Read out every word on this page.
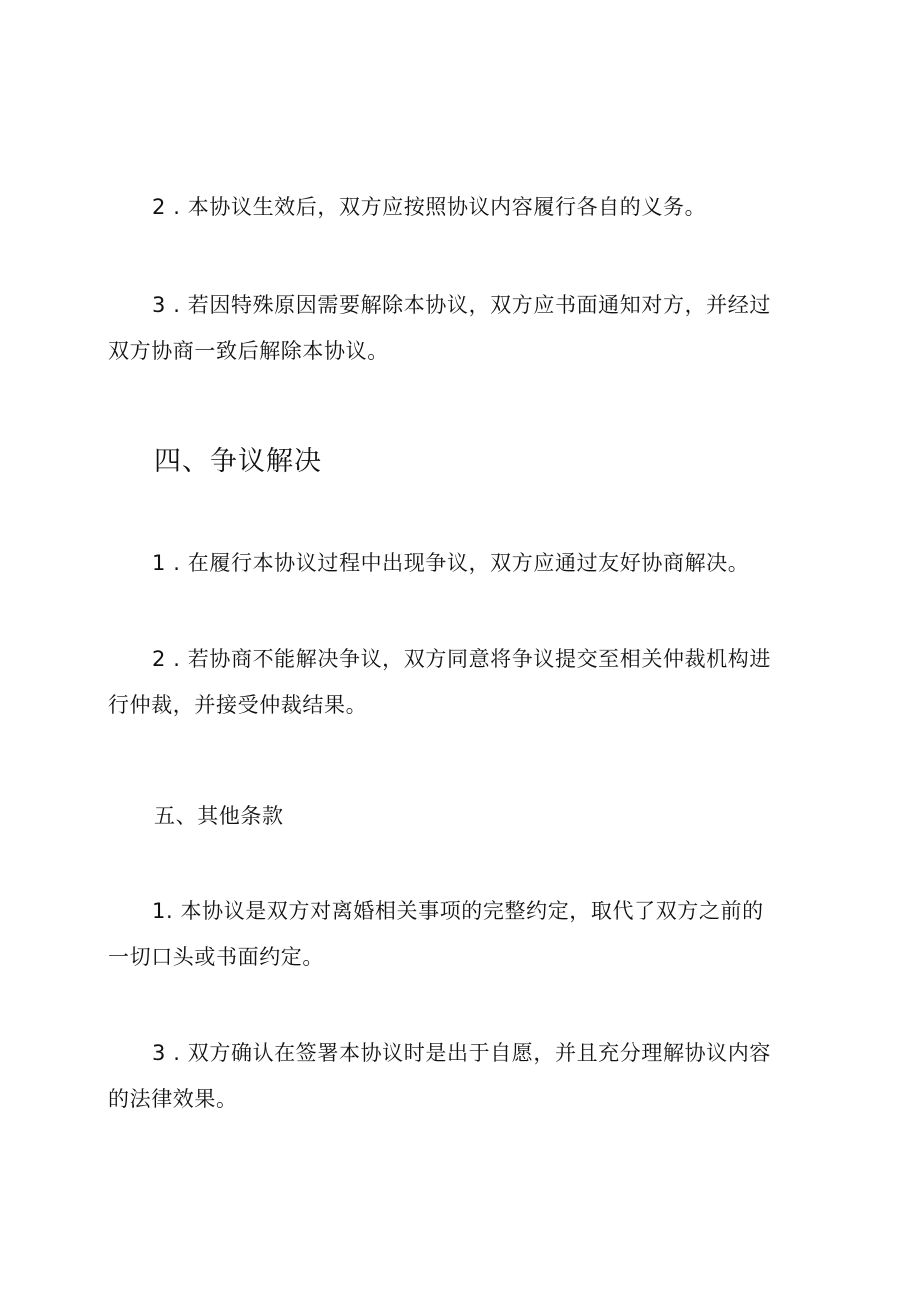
2 . 本协议生效后，双方应按照协议内容履行各自的义务。

3 . 若因特殊原因需要解除本协议，双方应书面通知对方，并经过
双方协商一致后解除本协议。

四、争议解决

1 . 在履行本协议过程中出现争议，双方应通过友好协商解决。

2 . 若协商不能解决争议，双方同意将争议提交至相关仲裁机构进
行仲裁，并接受仲裁结果。

五、其他条款

1. 本协议是双方对离婚相关事项的完整约定，取代了双方之前的
一切口头或书面约定。

3 . 双方确认在签署本协议时是出于自愿，并且充分理解协议内容
的法律效果。
